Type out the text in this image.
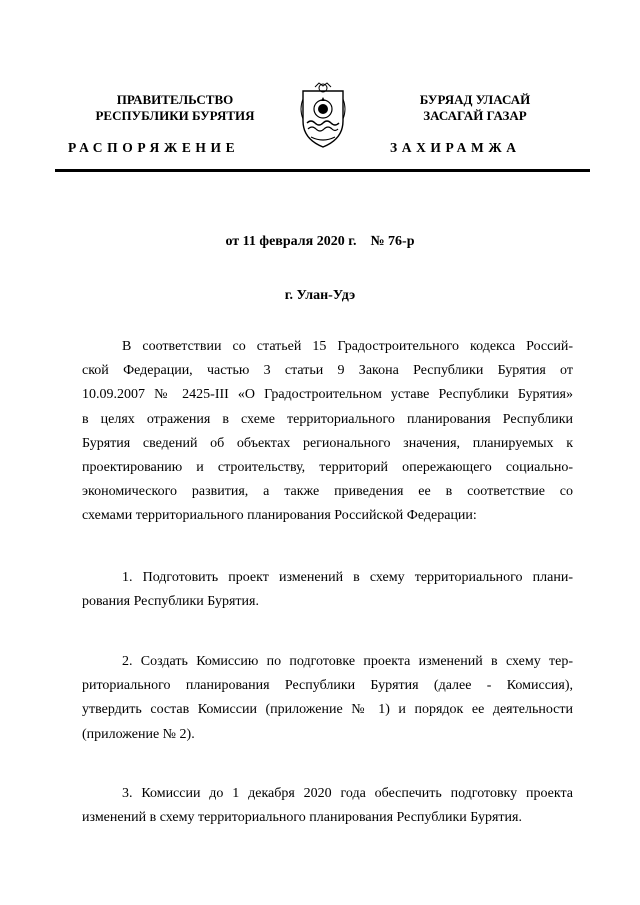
ПРАВИТЕЛЬСТВО
РЕСПУБЛИКИ БУРЯТИЯ
РАСПОРЯЖЕНИЕ
БУРЯАД УЛАСАЙ
ЗАСАГАЙ ГАЗАР
ЗАХИРАМЖА
от 11 февраля 2020 г. № 76-р
г. Улан-Удэ
В соответствии со статьей 15 Градостроительного кодекса Россий-
ской Федерации, частью 3 статьи 9 Закона Республики Бурятия от
10.09.2007 № 2425-III «О Градостроительном уставе Республики Бурятия»
в целях отражения в схеме территориального планирования Республики
Бурятия сведений об объектах регионального значения, планируемых к
проектированию и строительству, территорий опережающего социально-
экономического развития, а также приведения ее в соответствие со
схемами территориального планирования Российской Федерации:
1. Подготовить проект изменений в схему территориального плани-
рования Республики Бурятия.
2. Создать Комиссию по подготовке проекта изменений в схему тер-
риториального планирования Республики Бурятия (далее - Комиссия),
утвердить состав Комиссии (приложение № 1) и порядок ее деятельности
(приложение № 2).
3. Комиссии до 1 декабря 2020 года обеспечить подготовку проекта
изменений в схему территориального планирования Республики Бурятия.
